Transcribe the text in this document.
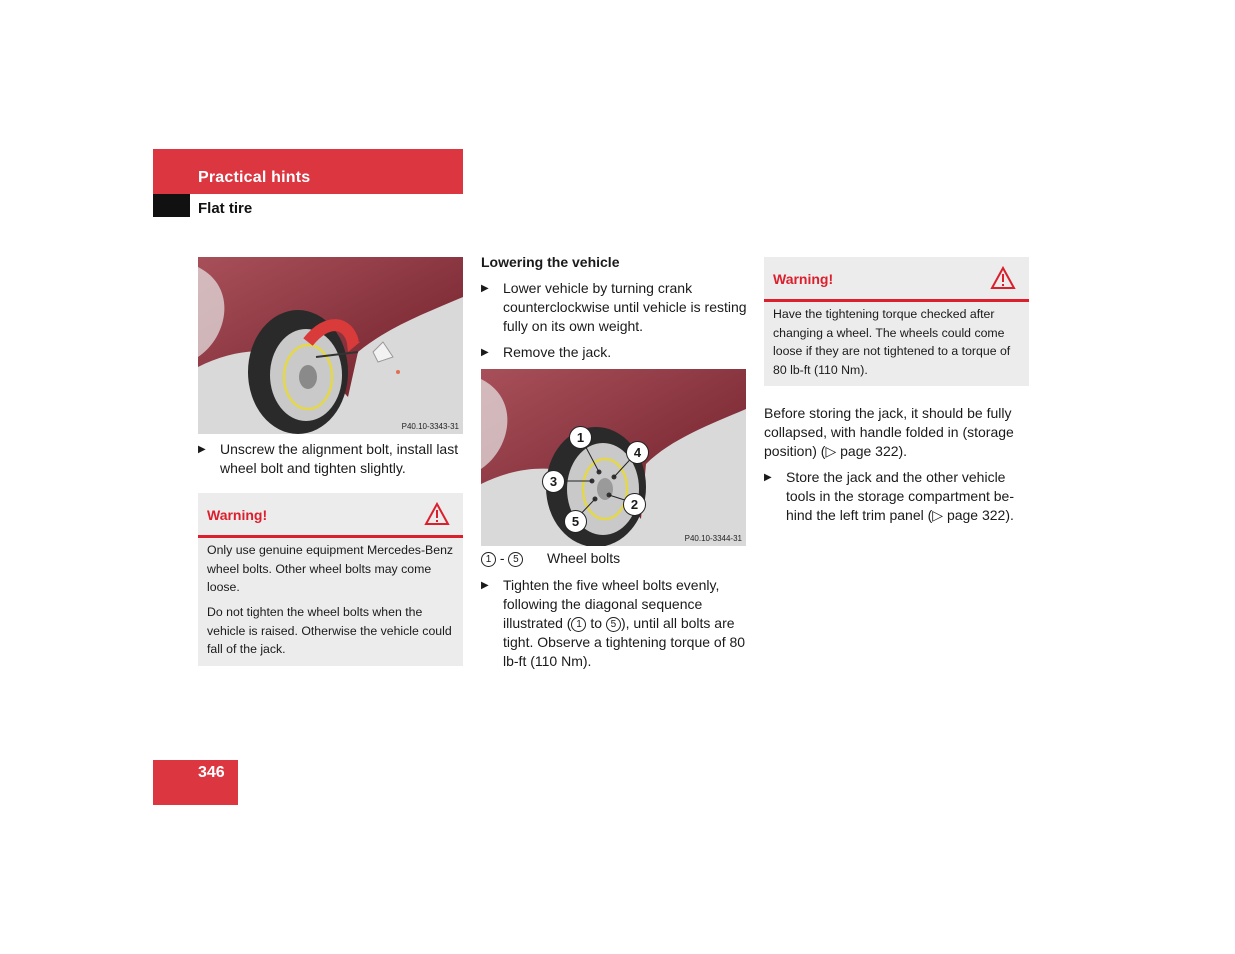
Practical hints
Flat tire
P40.10-3343-31
▶	Unscrew the alignment bolt, install last wheel bolt and tighten slightly.
Warning!
Only use genuine equipment Mercedes-Benz wheel bolts. Other wheel bolts may come loose.
Do not tighten the wheel bolts when the vehicle is raised. Otherwise the vehicle could fall of the jack.
Lowering the vehicle
▶	Lower vehicle by turning crank counterclockwise until vehicle is resting fully on its own weight.
▶	Remove the jack.
1
4
3
2
5
P40.10-3344-31
1 - 5 Wheel bolts
▶	Tighten the five wheel bolts evenly, following the diagonal sequence illustrated ( 1 to 5 ), until all bolts are tight. Observe a tightening torque of 80 lb-ft (110 Nm).
Warning!
Have the tightening torque checked after changing a wheel. The wheels could come loose if they are not tightened to a torque of 80 lb-ft (110 Nm).
Before storing the jack, it should be fully collapsed, with handle folded in (storage position) (▷ page 322).
▶	Store the jack and the other vehicle tools in the storage compartment be-hind the left trim panel (▷ page 322).
346
